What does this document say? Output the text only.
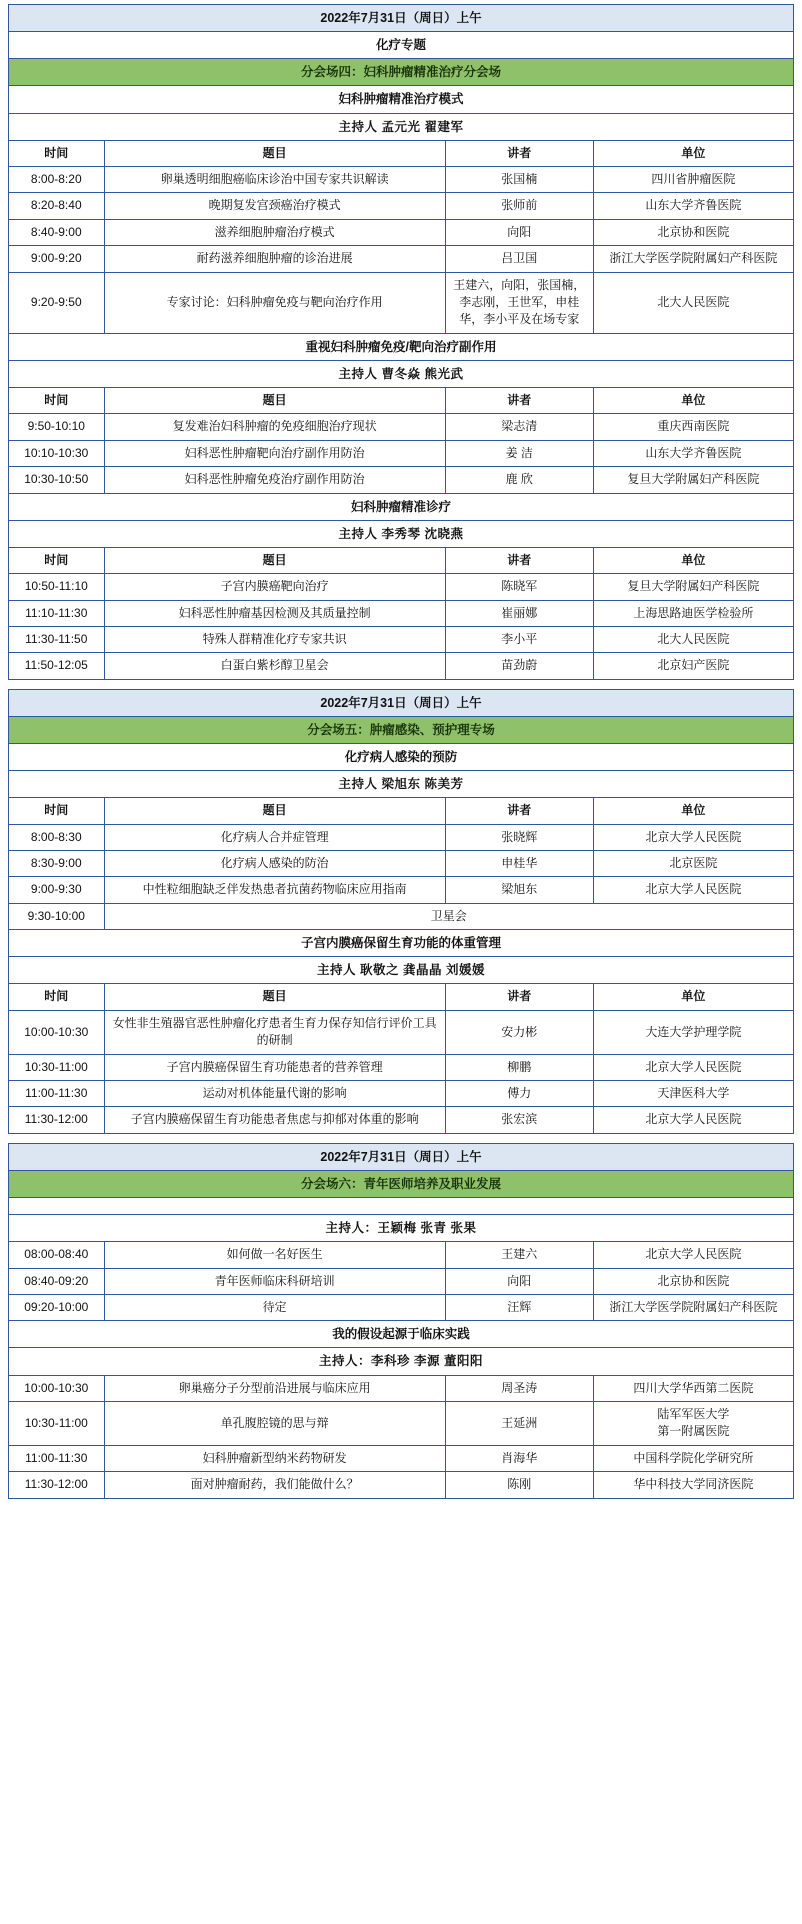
2022年7月31日（周日）上午			
化疗专题			
分会场四：妇科肿瘤精准治疗分会场			
妇科肿瘤精准治疗模式			
主持人 孟元光 翟建军			
时间	题目	讲者	单位
8:00-8:20	卵巢透明细胞癌临床诊治中国专家共识解读	张国楠	四川省肿瘤医院
8:20-8:40	晚期复发宫颈癌治疗模式	张师前	山东大学齐鲁医院
8:40-9:00	滋养细胞肿瘤治疗模式	向阳	北京协和医院
9:00-9:20	耐药滋养细胞肿瘤的诊治进展	吕卫国	浙江大学医学院附属妇产科医院
9:20-9:50	专家讨论：妇科肿瘤免疫与靶向治疗作用	王建六，向阳，张国楠，李志刚，王世军，申桂华，李小平及在场专家	北大人民医院
重视妇科肿瘤免疫/靶向治疗副作用			
主持人 曹冬焱 熊光武			
时间	题目	讲者	单位
9:50-10:10	复发难治妇科肿瘤的免疫细胞治疗现状	梁志清	重庆西南医院
10:10-10:30	妇科恶性肿瘤靶向治疗副作用防治	姜 洁	山东大学齐鲁医院
10:30-10:50	妇科恶性肿瘤免疫治疗副作用防治	鹿 欣	复旦大学附属妇产科医院
妇科肿瘤精准诊疗			
主持人 李秀琴 沈晓燕			
时间	题目	讲者	单位
10:50-11:10	子宫内膜癌靶向治疗	陈晓军	复旦大学附属妇产科医院
11:10-11:30	妇科恶性肿瘤基因检测及其质量控制	崔丽娜	上海思路迪医学检验所
11:30-11:50	特殊人群精准化疗专家共识	李小平	北大人民医院
11:50-12:05	白蛋白紫杉醇卫星会	苗劲蔚	北京妇产医院
2022年7月31日（周日）上午			
分会场五：肿瘤感染、预护理专场			
化疗病人感染的预防			
主持人 梁旭东 陈美芳			
时间	题目	讲者	单位
8:00-8:30	化疗病人合并症管理	张晓辉	北京大学人民医院
8:30-9:00	化疗病人感染的防治	申桂华	北京医院
9:00-9:30	中性粒细胞缺乏伴发热患者抗菌药物临床应用指南	梁旭东	北京大学人民医院
9:30-10:00	卫星会		
子宫内膜癌保留生育功能的体重管理			
主持人 耿敬之 龚晶晶 刘媛媛			
时间	题目	讲者	单位
10:00-10:30	女性非生殖器官恶性肿瘤化疗患者生育力保存知信行评价工具的研制	安力彬	大连大学护理学院
10:30-11:00	子宫内膜癌保留生育功能患者的营养管理	柳鹏	北京大学人民医院
11:00-11:30	运动对机体能量代谢的影响	傅力	天津医科大学
11:30-12:00	子宫内膜癌保留生育功能患者焦虑与抑郁对体重的影响	张宏滨	北京大学人民医院
2022年7月31日（周日）上午			
分会场六：青年医师培养及职业发展			

主持人：王颖梅 张青 张果			
08:00-08:40	如何做一名好医生	王建六	北京大学人民医院
08:40-09:20	青年医师临床科研培训	向阳	北京协和医院
09:20-10:00	待定	汪辉	浙江大学医学院附属妇产科医院
我的假设起源于临床实践			
主持人：李科珍 李源 董阳阳			
10:00-10:30	卵巢癌分子分型前沿进展与临床应用	周圣涛	四川大学华西第二医院
10:30-11:00	单孔腹腔镜的思与辩	王延洲	陆军军医大学
第一附属医院
11:00-11:30	妇科肿瘤新型纳米药物研发	肖海华	中国科学院化学研究所
11:30-12:00	面对肿瘤耐药，我们能做什么？	陈刚	华中科技大学同济医院
